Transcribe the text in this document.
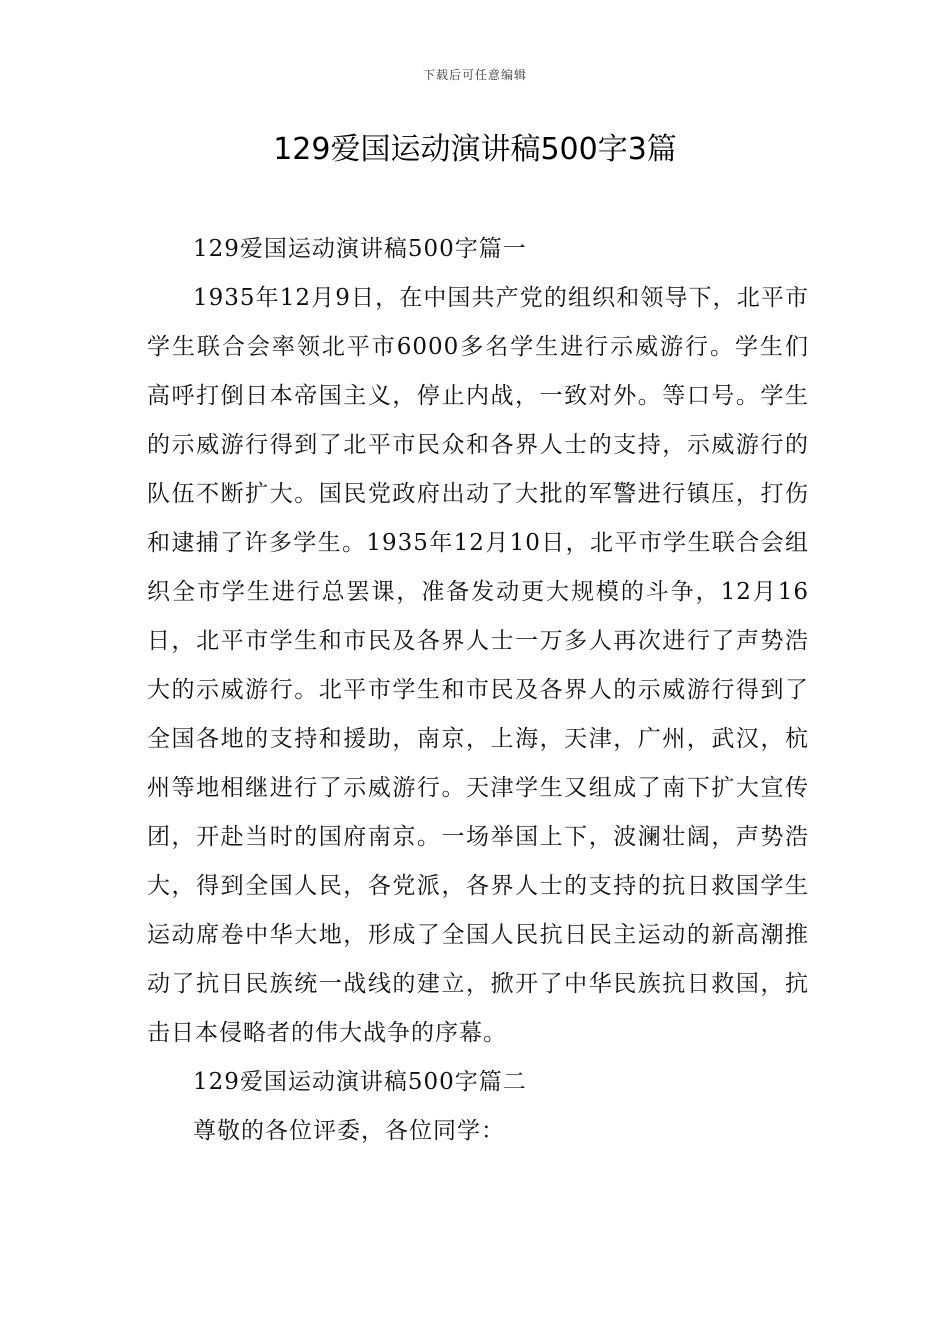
下载后可任意编辑
129爱国运动演讲稿500字3篇

129爱国运动演讲稿500字篇一

1935年12月9日，在中国共产党的组织和领导下，北平市学生联合会率领北平市6000多名学生进行示威游行。学生们高呼打倒日本帝国主义，停止内战，一致对外。等口号。学生的示威游行得到了北平市民众和各界人士的支持，示威游行的队伍不断扩大。国民党政府出动了大批的军警进行镇压，打伤和逮捕了许多学生。1935年12月10日，北平市学生联合会组织全市学生进行总罢课，准备发动更大规模的斗争，12月16日，北平市学生和市民及各界人士一万多人再次进行了声势浩大的示威游行。北平市学生和市民及各界人的示威游行得到了全国各地的支持和援助，南京，上海，天津，广州，武汉，杭州等地相继进行了示威游行。天津学生又组成了南下扩大宣传团，开赴当时的国府南京。一场举国上下，波澜壮阔，声势浩大，得到全国人民，各党派，各界人士的支持的抗日救国学生运动席卷中华大地，形成了全国人民抗日民主运动的新高潮推动了抗日民族统一战线的建立，掀开了中华民族抗日救国，抗击日本侵略者的伟大战争的序幕。

129爱国运动演讲稿500字篇二

尊敬的各位评委，各位同学：
